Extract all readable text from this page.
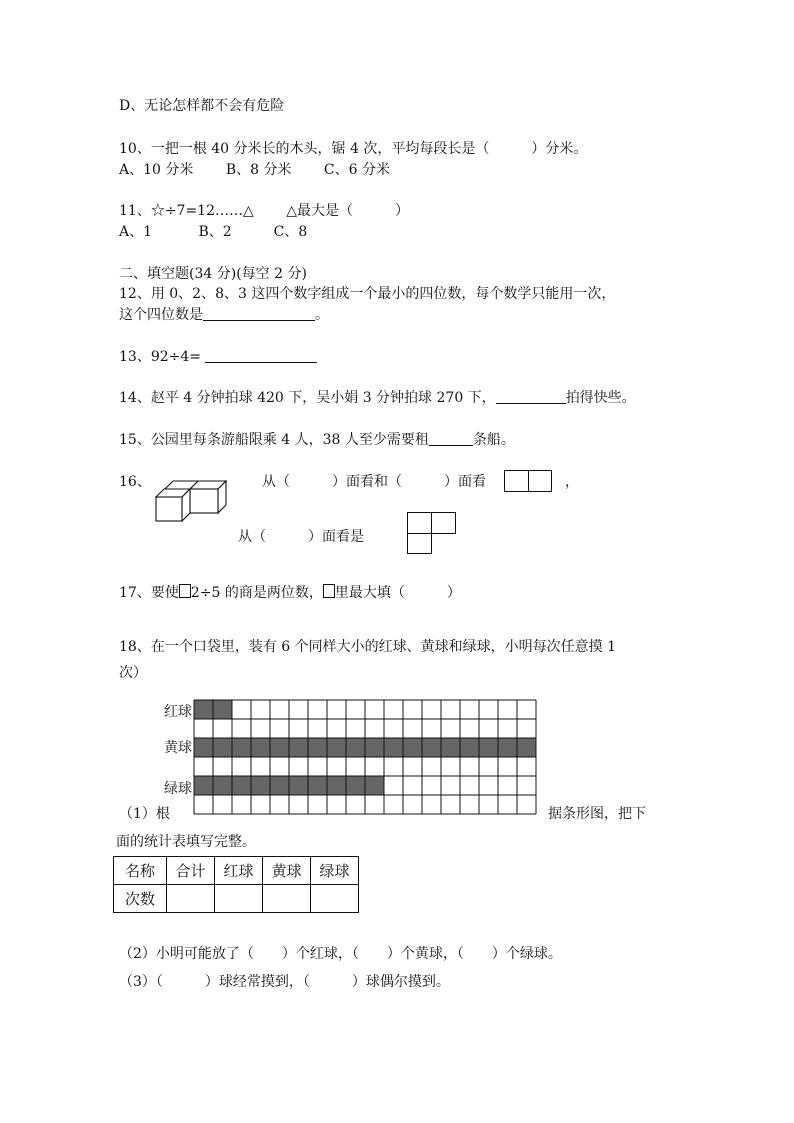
D、无论怎样都不会有危险
10、一把一根 40 分米长的木头，锯 4 次，平均每段长是（　　　）分米。
A、10 分米　　 B、8 分米　　 C、6 分米
11、☆÷7=12……△　　 △最大是（　　　）
A、1　　　 B、2　　　C、8
二、填空题(34 分)(每空 2 分)
12、用 0、2、8、3 这四个数字组成一个最小的四位数，每个数学只能用一次，
这个四位数是	。
13、92÷4=
14、赵平 4 分钟拍球 420 下，吴小娟 3 分钟拍球 270 下，	拍得快些。
15、公园里每条游船限乘 4 人，38 人至少需要租	条船。
16、	从（　　　）面看和（　　　）面看	，
从（　　　）面看是
17、要使 2÷5 的商是两位数， 里最大填（　　　）
18、在一个口袋里，装有 6 个同样大小的红球、黄球和绿球，小明每次任意摸 1
次）
红球
黄球
绿球
（1）根	据条形图，把下
面的统计表填写完整。
名称	合计	红球	黄球	绿球
次数				
（2）小明可能放了（　　）个红球，（　　）个黄球，（　　）个绿球。
（3）（　　　）球经常摸到，（　　　）球偶尔摸到。
